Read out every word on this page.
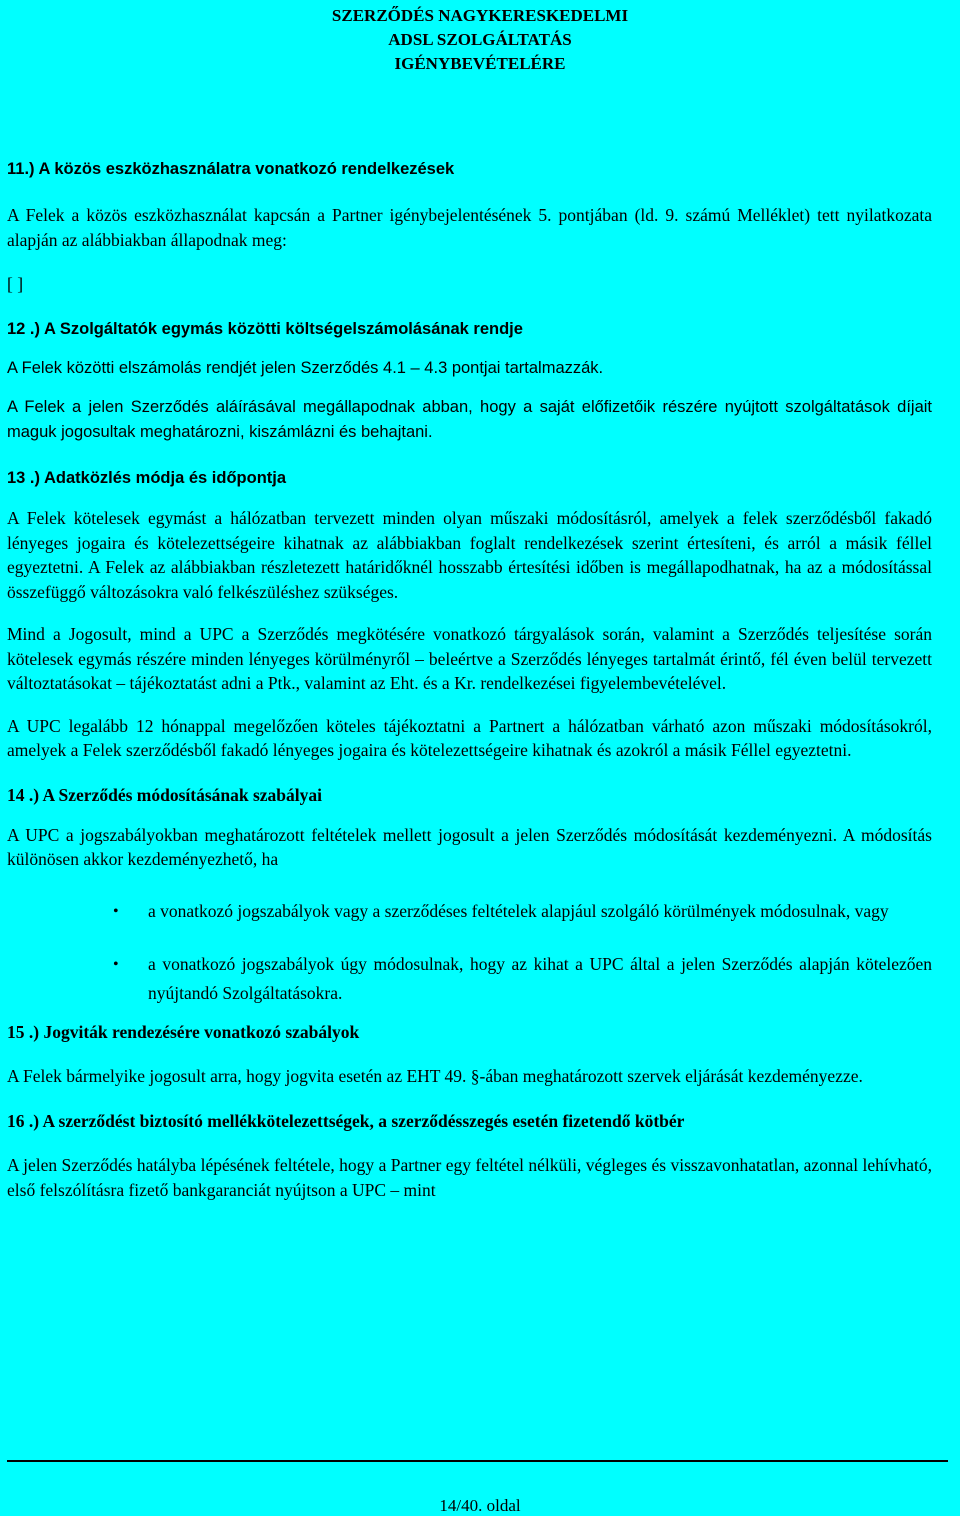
SZERZŐDÉS NAGYKERESKEDELMI
ADSL SZOLGÁLTATÁS
IGÉNYBEVÉTELÉRE

11.) A közös eszközhasználatra vonatkozó rendelkezések

A Felek a közös eszközhasználat kapcsán a Partner igénybejelentésének 5. pontjában (ld. 9. számú Melléklet) tett nyilatkozata alapján az alábbiakban állapodnak meg:

[ ]

12 .) A Szolgáltatók egymás közötti költségelszámolásának rendje

A Felek közötti elszámolás rendjét jelen Szerződés 4.1 – 4.3 pontjai tartalmazzák.

A Felek a jelen Szerződés aláírásával megállapodnak abban, hogy a saját előfizetőik részére nyújtott szolgáltatások díjait maguk jogosultak meghatározni, kiszámlázni és behajtani.

13 .) Adatközlés módja és időpontja

A Felek kötelesek egymást a hálózatban tervezett minden olyan műszaki módosításról, amelyek a felek szerződésből fakadó lényeges jogaira és kötelezettségeire kihatnak az alábbiakban foglalt rendelkezések szerint értesíteni, és arról a másik féllel egyeztetni. A Felek az alábbiakban részletezett határidőknél hosszabb értesítési időben is megállapodhatnak, ha az a módosítással összefüggő változásokra való felkészüléshez szükséges.

Mind a Jogosult, mind a UPC a Szerződés megkötésére vonatkozó tárgyalások során, valamint a Szerződés teljesítése során kötelesek egymás részére minden lényeges körülményről – beleértve a Szerződés lényeges tartalmát érintő, fél éven belül tervezett változtatásokat – tájékoztatást adni a Ptk., valamint az Eht. és a Kr. rendelkezései figyelembevételével.

A UPC legalább 12 hónappal megelőzően köteles tájékoztatni a Partnert a hálózatban várható azon műszaki módosításokról, amelyek a Felek szerződésből fakadó lényeges jogaira és kötelezettségeire kihatnak és azokról a másik Féllel egyeztetni.

14 .) A Szerződés módosításának szabályai

A UPC a jogszabályokban meghatározott feltételek mellett jogosult a jelen Szerződés módosítását kezdeményezni. A módosítás különösen akkor kezdeményezhető, ha

• a vonatkozó jogszabályok vagy a szerződéses feltételek alapjául szolgáló körülmények módosulnak, vagy

• a vonatkozó jogszabályok úgy módosulnak, hogy az kihat a UPC által a jelen Szerződés alapján kötelezően nyújtandó Szolgáltatásokra.

15 .) Jogviták rendezésére vonatkozó szabályok

A Felek bármelyike jogosult arra, hogy jogvita esetén az EHT 49. §-ában meghatározott szervek eljárását kezdeményezze.

16 .) A szerződést biztosító mellékkötelezettségek, a szerződésszegés esetén fizetendő kötbér

A jelen Szerződés hatályba lépésének feltétele, hogy a Partner egy feltétel nélküli, végleges és visszavonhatatlan, azonnal lehívható, első felszólításra fizető bankgaranciát nyújtson a UPC – mint

14/40. oldal
